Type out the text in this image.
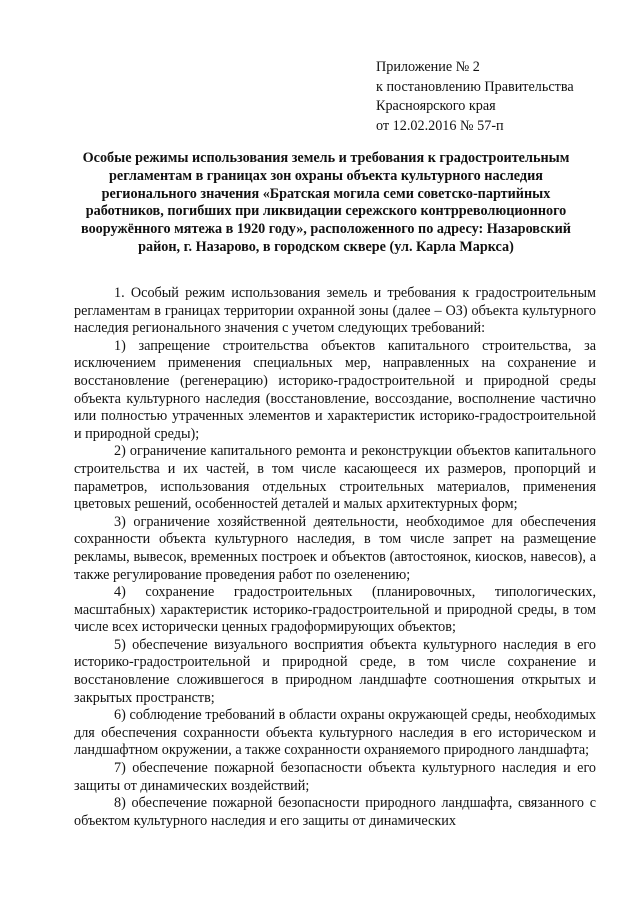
Приложение № 2
к постановлению Правительства
Красноярского края
от 12.02.2016 № 57-п
Особые режимы использования земель и требования к градостроительным
регламентам в границах зон охраны объекта культурного наследия
регионального значения «Братская могила семи советско-партийных
работников, погибших при ликвидации сережского контрреволюционного
вооружённого мятежа в 1920 году», расположенного по адресу: Назаровский
район, г. Назарово, в городском сквере (ул. Карла Маркса)

1. Особый режим использования земель и требования к градостроительным регламентам в границах территории охранной зоны (далее – ОЗ) объекта культурного наследия регионального значения с учетом следующих требований:

1) запрещение строительства объектов капитального строительства, за исключением применения специальных мер, направленных на сохранение и восстановление (регенерацию) историко-градостроительной и природной среды объекта культурного наследия (восстановление, воссоздание, восполнение частично или полностью утраченных элементов и характеристик историко-градостроительной и природной среды);

2) ограничение капитального ремонта и реконструкции объектов капитального строительства и их частей, в том числе касающееся их размеров, пропорций и параметров, использования отдельных строительных материалов, применения цветовых решений, особенностей деталей и малых архитектурных форм;

3) ограничение хозяйственной деятельности, необходимое для обеспечения сохранности объекта культурного наследия, в том числе запрет на размещение рекламы, вывесок, временных построек и объектов (автостоянок, киосков, навесов), а также регулирование проведения работ по озеленению;

4) сохранение градостроительных (планировочных, типологических, масштабных) характеристик историко-градостроительной и природной среды, в том числе всех исторически ценных градоформирующих объектов;

5) обеспечение визуального восприятия объекта культурного наследия в его историко-градостроительной и природной среде, в том числе сохранение и восстановление сложившегося в природном ландшафте соотношения открытых и закрытых пространств;

6) соблюдение требований в области охраны окружающей среды, необходимых для обеспечения сохранности объекта культурного наследия в его историческом и ландшафтном окружении, а также сохранности охраняемого природного ландшафта;

7) обеспечение пожарной безопасности объекта культурного наследия и его защиты от динамических воздействий;

8) обеспечение пожарной безопасности природного ландшафта, связанного с объектом культурного наследия и его защиты от динамических
